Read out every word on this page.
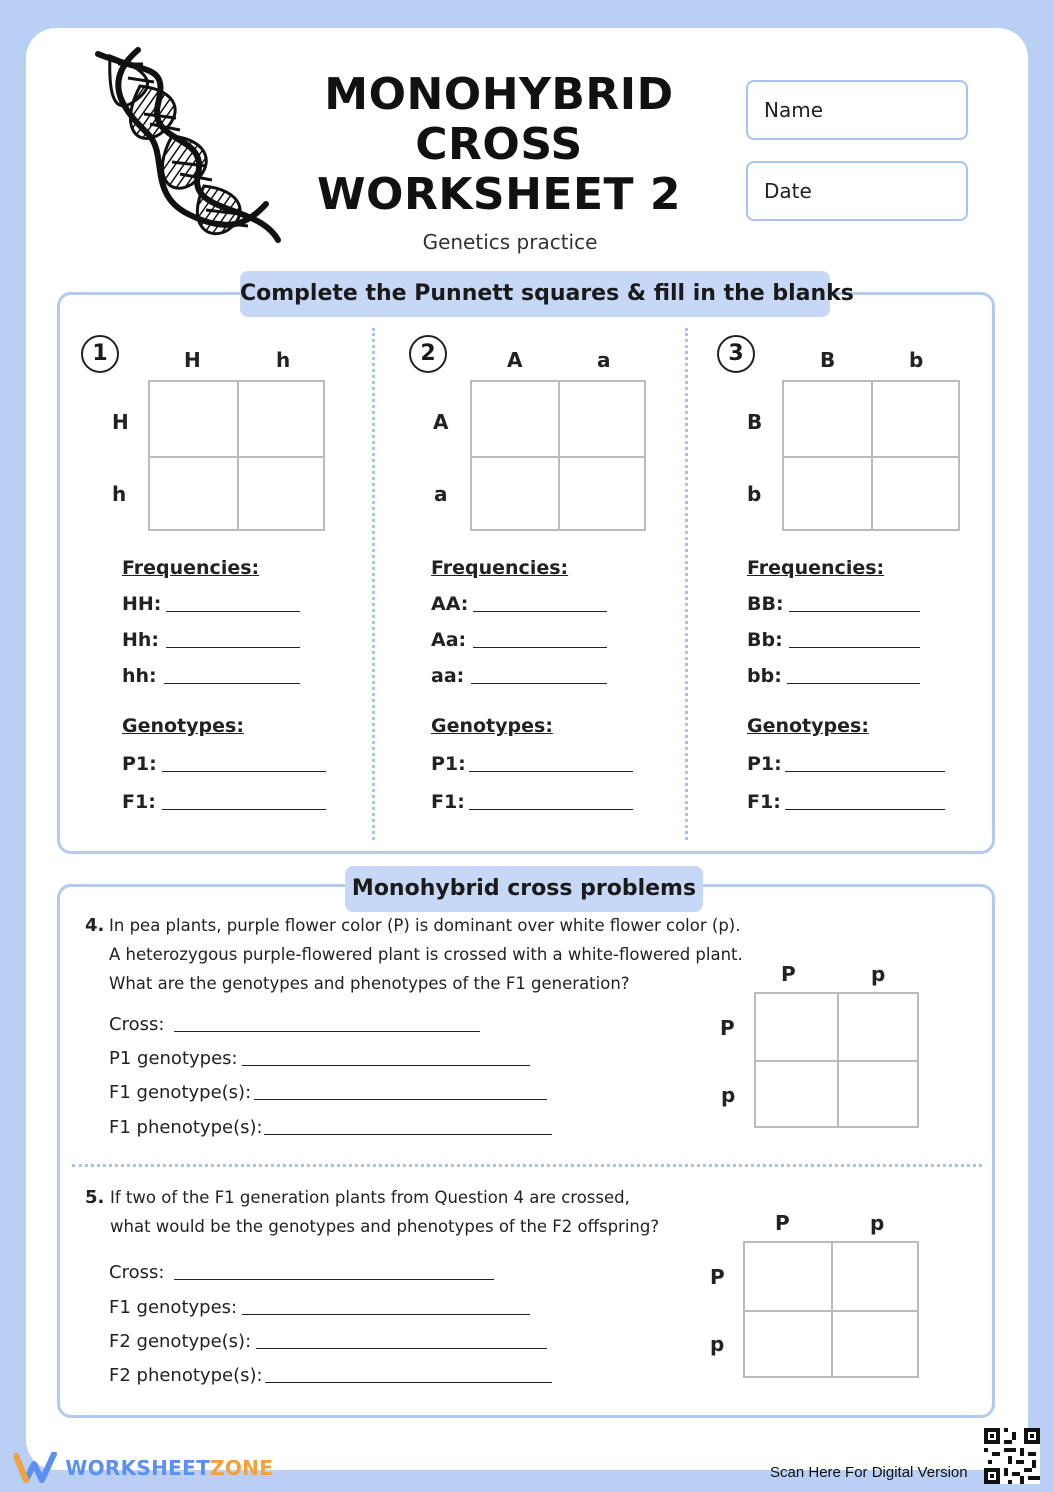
MONOHYBRID
CROSS
WORKSHEET 2
Genetics practice
Name
Date
Complete the Punnett squares & fill in the blanks
1	H	h
H
h
Frequencies:
HH:
Hh:
hh:
Genotypes:
P1:
F1:
2	A	a
A
a
Frequencies:
AA:
Aa:
aa:
Genotypes:
P1:
F1:
3	B	b
B
b
Frequencies:
BB:
Bb:
bb:
Genotypes:
P1:
F1:
Monohybrid cross problems
4. In pea plants, purple flower color (P) is dominant over white flower color (p).
A heterozygous purple-flowered plant is crossed with a white-flowered plant.
What are the genotypes and phenotypes of the F1 generation?
Cross:
P1 genotypes:
F1 genotype(s):
F1 phenotype(s):
P	p
P
p
5. If two of the F1 generation plants from Question 4 are crossed,
what would be the genotypes and phenotypes of the F2 offspring?
Cross:
F1 genotypes:
F2 genotype(s):
F2 phenotype(s):
P	p
P
p
WORKSHEETZONE	Scan Here For Digital Version
